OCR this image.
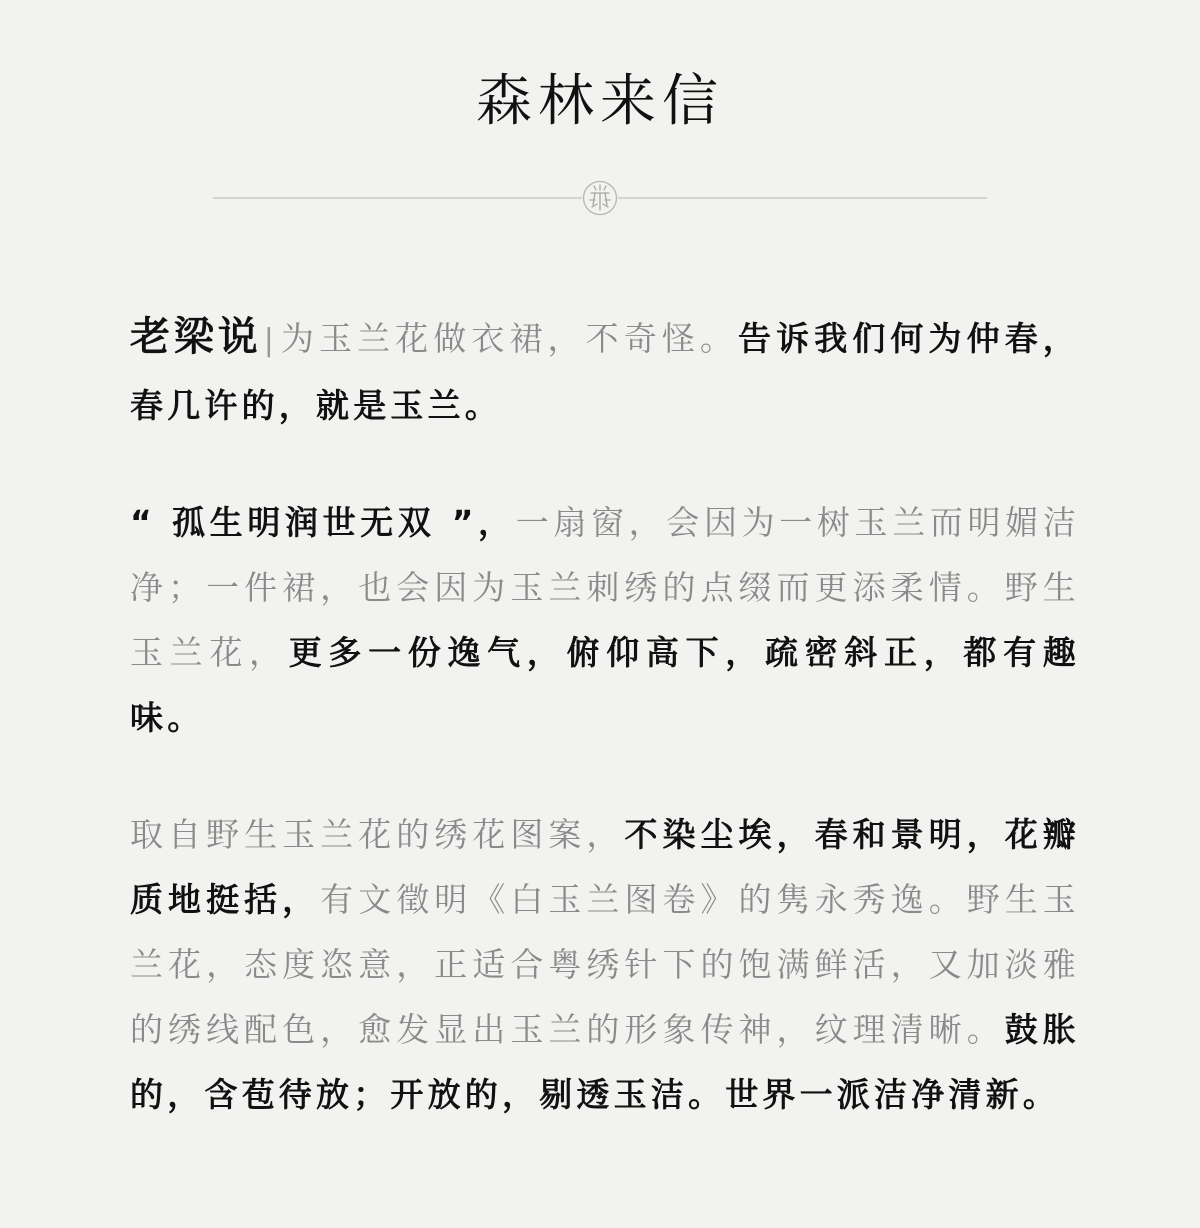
森林来信

老梁说|为玉兰花做衣裙，不奇怪。告诉我们何为仲春，春几许的，就是玉兰。

“ 孤生明润世无双 ”，一扇窗，会因为一树玉兰而明媚洁净；一件裙，也会因为玉兰刺绣的点缀而更添柔情。野生玉兰花，更多一份逸气，俯仰高下，疏密斜正，都有趣味。

取自野生玉兰花的绣花图案，不染尘埃，春和景明，花瓣质地挺括，有文徵明《白玉兰图卷》的隽永秀逸。野生玉兰花，态度恣意，正适合粤绣针下的饱满鲜活，又加淡雅的绣线配色，愈发显出玉兰的形象传神，纹理清晰。鼓胀的，含苞待放；开放的，剔透玉洁。世界一派洁净清新。
